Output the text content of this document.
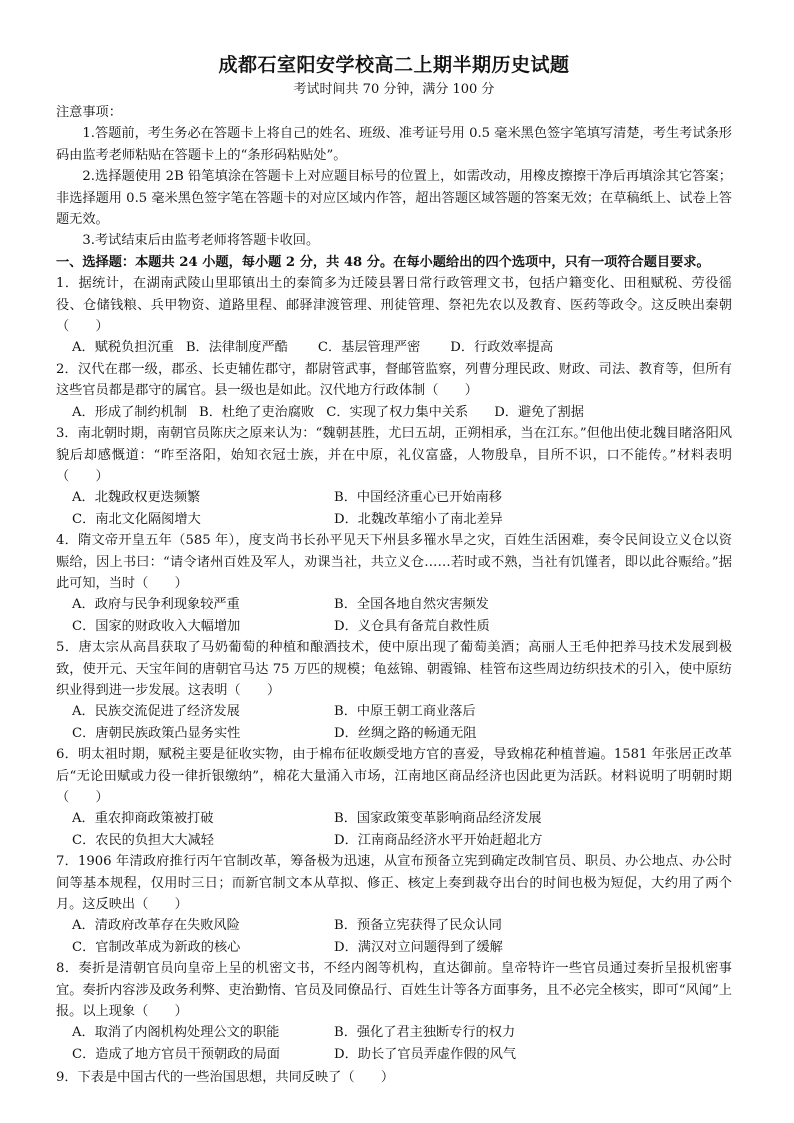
成都石室阳安学校高二上期半期历史试题
考试时间共 70 分钟，满分 100 分

注意事项：

1.答题前，考生务必在答题卡上将自己的姓名、班级、准考证号用 0.5 毫米黑色签字笔填写清楚，考生考试条形码由监考老师粘贴在答题卡上的“条形码粘贴处”。

2.选择题使用 2B 铅笔填涂在答题卡上对应题目标号的位置上，如需改动，用橡皮擦擦干净后再填涂其它答案；非选择题用 0.5 毫米黑色签字笔在答题卡的对应区域内作答，超出答题区域答题的答案无效；在草稿纸上、试卷上答题无效。

3.考试结束后由监考老师将答题卡收回。

一、选择题：本题共 24 小题，每小题 2 分，共 48 分。在每小题给出的四个选项中，只有一项符合题目要求。

1．据统计，在湖南武陵山里耶镇出土的秦简多为迁陵县署日常行政管理文书，包括户籍变化、田租赋税、劳役徭役、仓储钱粮、兵甲物资、道路里程、邮驿津渡管理、刑徒管理、祭祀先农以及教育、医药等政令。这反映出秦朝（　　）

A．赋税负担沉重 B．法律制度严酷 C．基层管理严密 D．行政效率提高

2．汉代在郡一级，郡丞、长吏辅佐郡守，都尉管武事，督邮管监察，列曹分理民政、财政、司法、教育等，但所有这些官员都是郡守的属官。县一级也是如此。汉代地方行政体制（　　）

A．形成了制约机制 B．杜绝了吏治腐败 C．实现了权力集中关系 D．避免了割据

3．南北朝时期，南朝官员陈庆之原来认为：“魏朝甚胜，尤曰五胡，正朔相承，当在江东。”但他出使北魏目睹洛阳风貌后却感慨道：“昨至洛阳，始知衣冠士族，并在中原，礼仪富盛，人物殷阜，目所不识，口不能传。”材料表明（　　）

A．北魏政权更迭频繁	B．中国经济重心已开始南移
C．南北文化隔阂增大	D．北魏改革缩小了南北差异

4．隋文帝开皇五年（585 年），度支尚书长孙平见天下州县多罹水旱之灾，百姓生活困难，奏令民间设立义仓以资赈给，因上书曰：“请令诸州百姓及军人，劝课当社，共立义仓……若时或不熟，当社有饥馑者，即以此谷赈给。”据此可知，当时（　　）

A．政府与民争利现象较严重	B．全国各地自然灾害频发
C．国家的财政收入大幅增加	D．义仓具有备荒自救性质

5．唐太宗从高昌获取了马奶葡萄的种植和酿酒技术，使中原出现了葡萄美酒；高丽人王毛仲把养马技术发展到极致，使开元、天宝年间的唐朝官马达 75 万匹的规模；龟兹锦、朝霞锦、桂管布这些周边纺织技术的引入，使中原纺织业得到进一步发展。这表明（　　）

A．民族交流促进了经济发展	B．中原王朝工商业落后
C．唐朝民族政策凸显务实性	D．丝绸之路的畅通无阻

6．明太祖时期，赋税主要是征收实物，由于棉布征收颇受地方官的喜爱，导致棉花种植普遍。1581 年张居正改革后“无论田赋或力役一律折银缴纳”，棉花大量涌入市场，江南地区商品经济也因此更为活跃。材料说明了明朝时期（　　）

A．重农抑商政策被打破	B．国家政策变革影响商品经济发展
C．农民的负担大大减轻	D．江南商品经济水平开始赶超北方

7．1906 年清政府推行丙午官制改革，筹备极为迅速，从宣布预备立宪到确定改制官员、职员、办公地点、办公时间等基本规程，仅用时三日；而新官制文本从草拟、修正、核定上奏到裁夺出台的时间也极为短促，大约用了两个月。这反映出（　　）

A．清政府改革存在失败风险	B．预备立宪获得了民众认同
C．官制改革成为新政的核心	D．满汉对立问题得到了缓解

8．奏折是清朝官员向皇帝上呈的机密文书，不经内阁等机构，直达御前。皇帝特许一些官员通过奏折呈报机密事宜。奏折内容涉及政务利弊、吏治勤惰、官员及同僚品行、百姓生计等各方面事务，且不必完全核实，即可“风闻”上报。以上现象（　　）

A．取消了内阁机构处理公文的职能	B．强化了君主独断专行的权力
C．造成了地方官员干预朝政的局面	D．助长了官员弄虚作假的风气

9．下表是中国古代的一些治国思想，共同反映了（　　）
